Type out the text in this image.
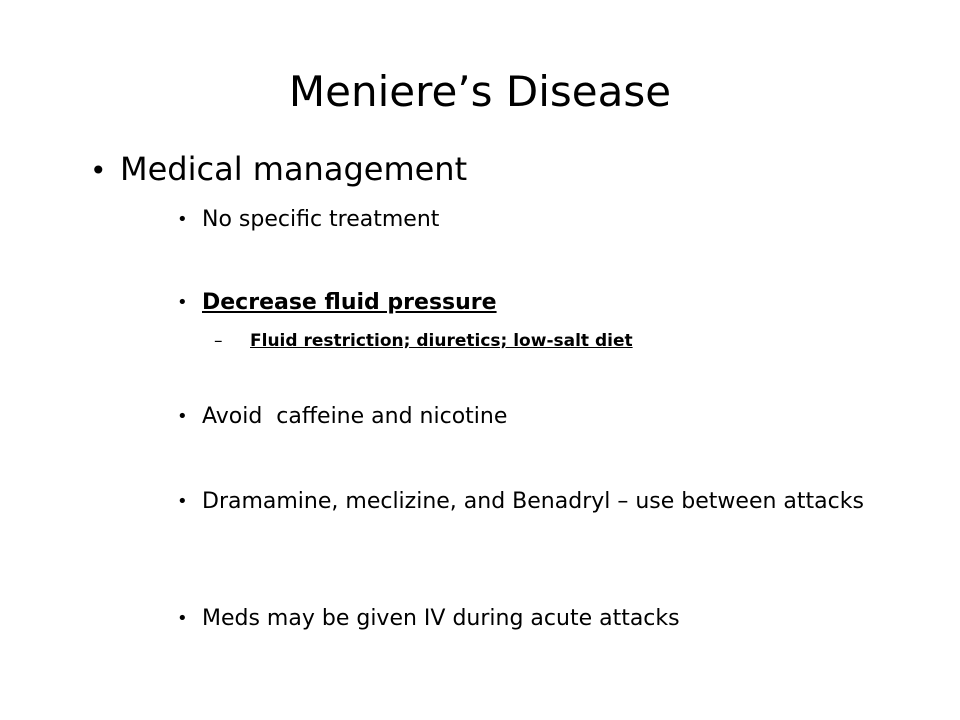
Meniere’s Disease
• Medical management
• No specific treatment
• Decrease fluid pressure
–	Fluid restriction; diuretics; low-salt diet
• Avoid  caffeine and nicotine
• Dramamine, meclizine, and Benadryl – use between attacks
• Meds may be given IV during acute attacks
